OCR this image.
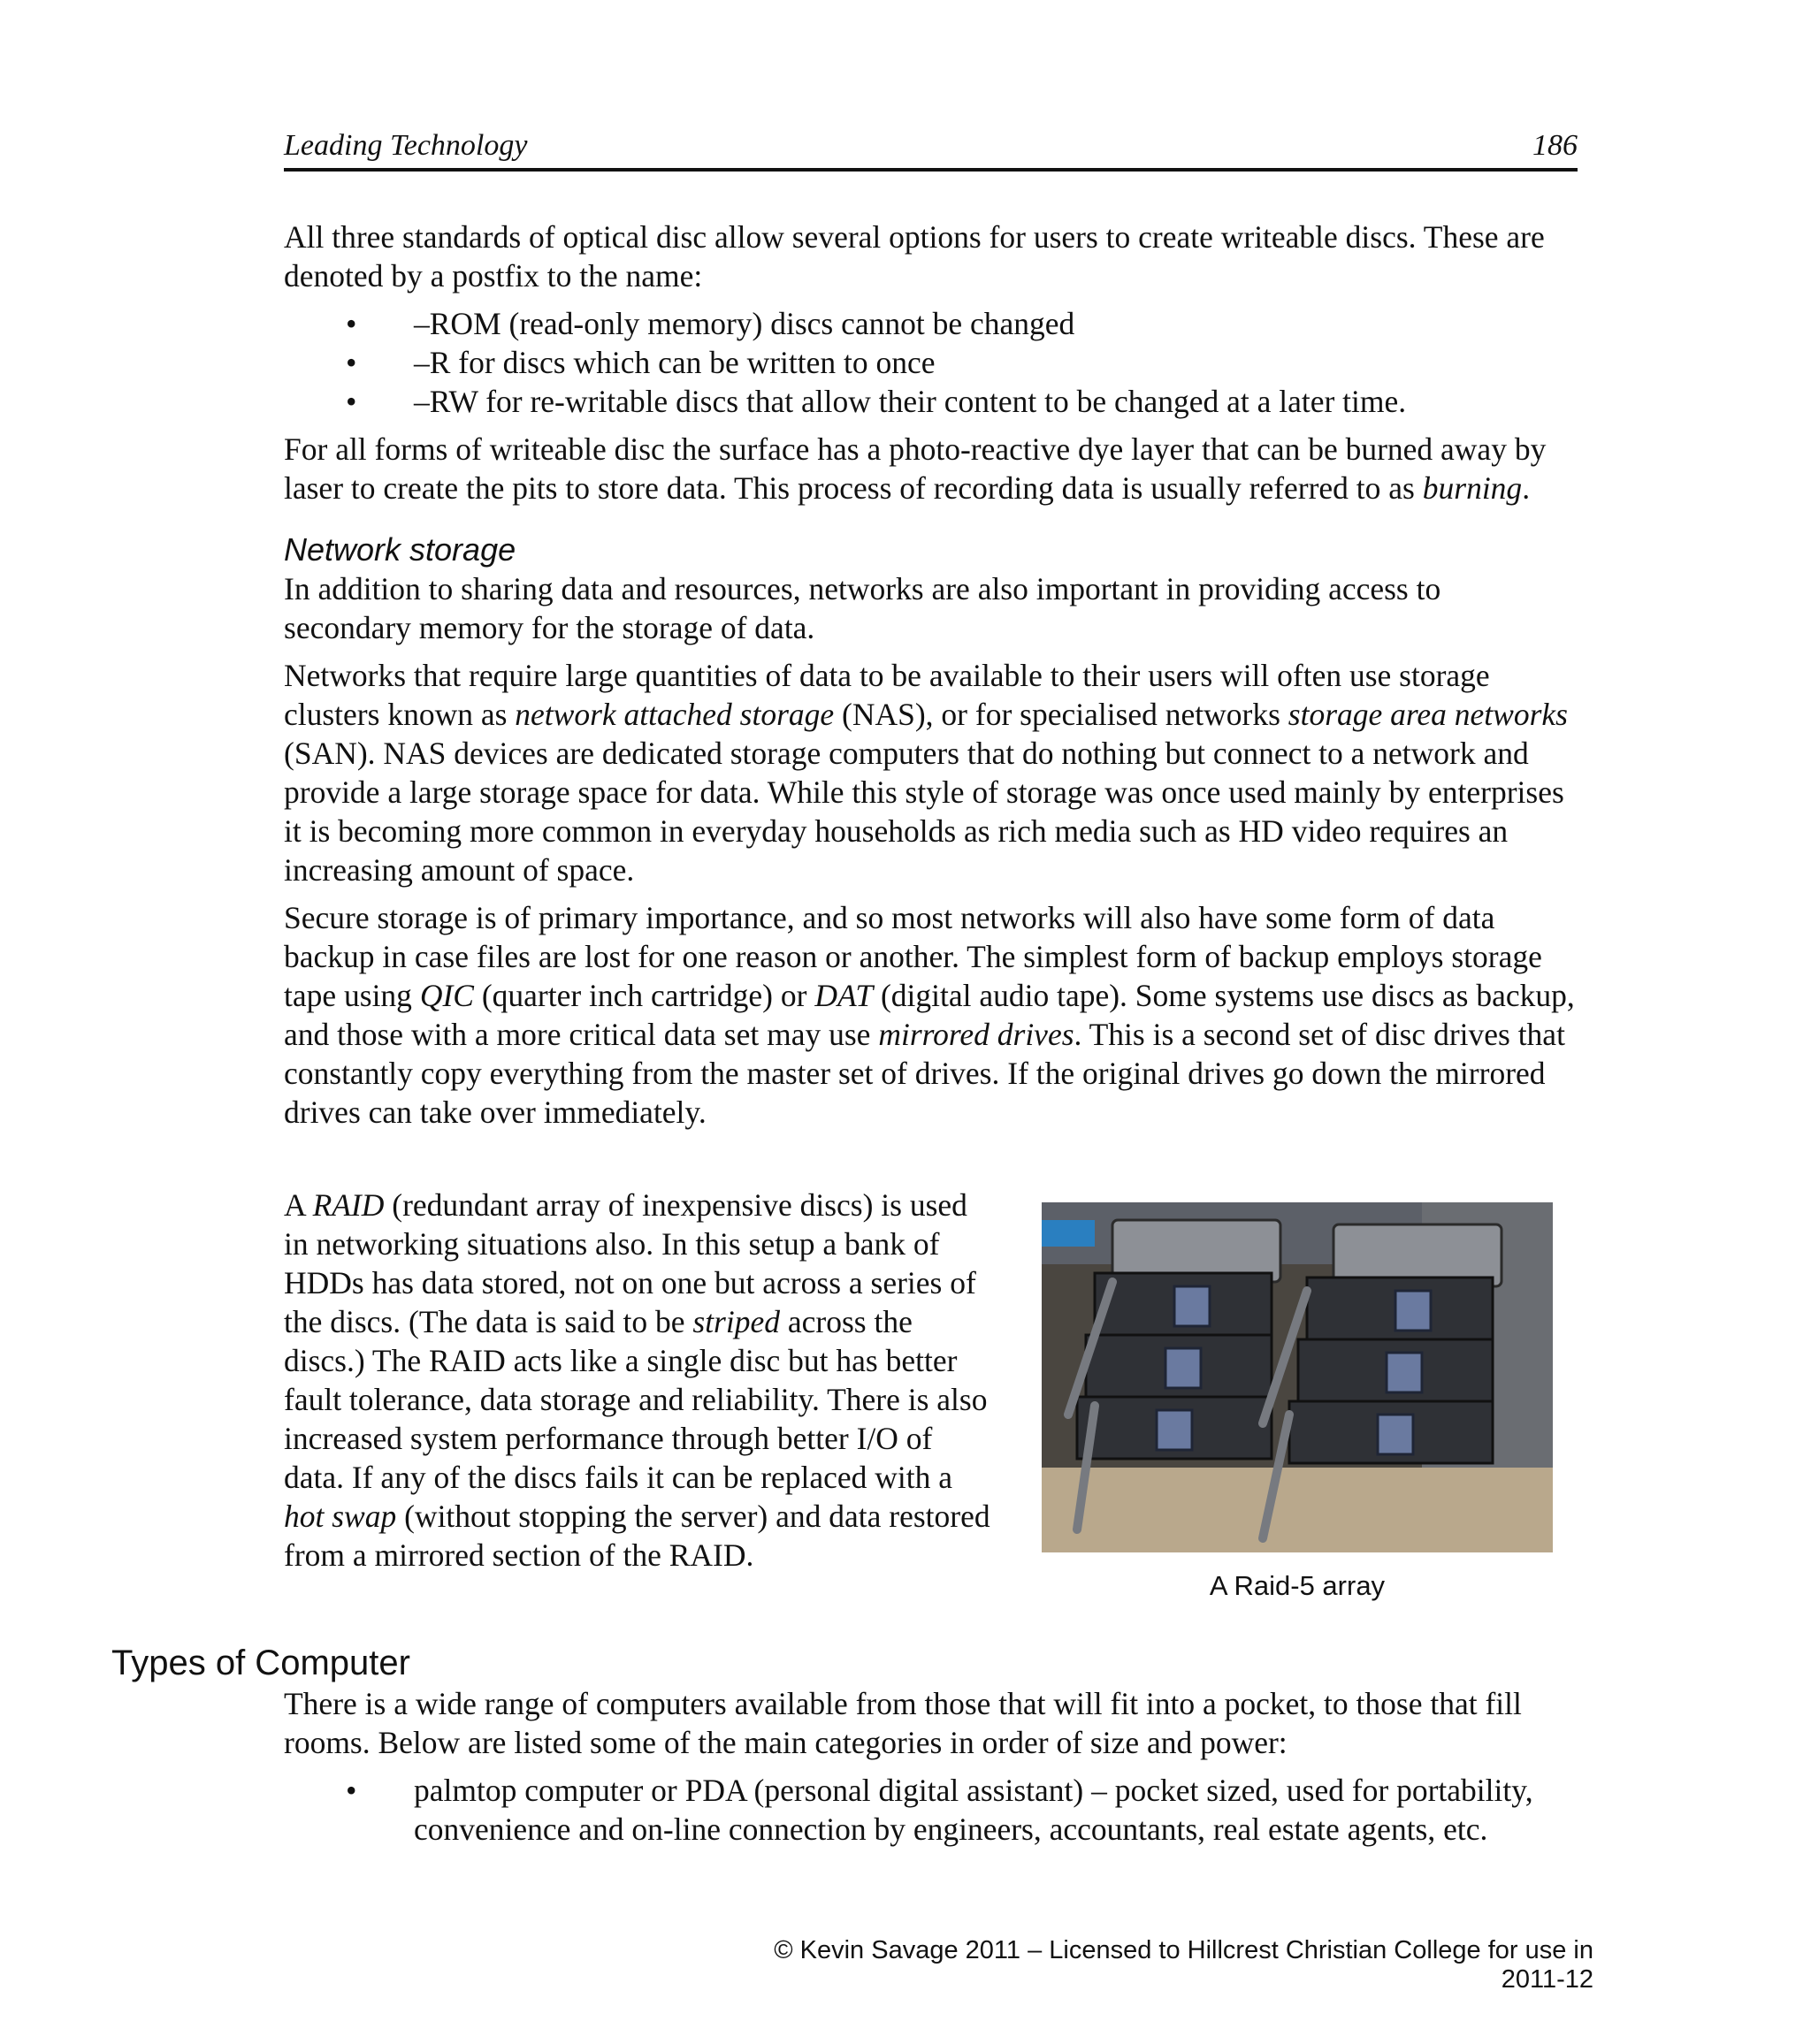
Leading Technology	186

All three standards of optical disc allow several options for users to create writeable discs. These are denoted by a postfix to the name:

• –ROM (read-only memory) discs cannot be changed
• –R for discs which can be written to once
• –RW for re-writable discs that allow their content to be changed at a later time.

For all forms of writeable disc the surface has a photo-reactive dye layer that can be burned away by laser to create the pits to store data. This process of recording data is usually referred to as burning.

Network storage

In addition to sharing data and resources, networks are also important in providing access to secondary memory for the storage of data.

Networks that require large quantities of data to be available to their users will often use storage clusters known as network attached storage (NAS), or for specialised networks storage area networks (SAN). NAS devices are dedicated storage computers that do nothing but connect to a network and provide a large storage space for data. While this style of storage was once used mainly by enterprises it is becoming more common in everyday households as rich media such as HD video requires an increasing amount of space.

Secure storage is of primary importance, and so most networks will also have some form of data backup in case files are lost for one reason or another. The simplest form of backup employs storage tape using QIC (quarter inch cartridge) or DAT (digital audio tape). Some systems use discs as backup, and those with a more critical data set may use mirrored drives. This is a second set of disc drives that constantly copy everything from the master set of drives. If the original drives go down the mirrored drives can take over immediately.

A RAID (redundant array of inexpensive discs) is used in networking situations also. In this setup a bank of HDDs has data stored, not on one but across a series of the discs. (The data is said to be striped across the discs.) The RAID acts like a single disc but has better fault tolerance, data storage and reliability. There is also increased system performance through better I/O of data. If any of the discs fails it can be replaced with a hot swap (without stopping the server) and data restored from a mirrored section of the RAID.

A Raid-5 array
Types of Computer

There is a wide range of computers available from those that will fit into a pocket, to those that fill rooms. Below are listed some of the main categories in order of size and power:

• palmtop computer or PDA (personal digital assistant) – pocket sized, used for portability, convenience and on-line connection by engineers, accountants, real estate agents, etc.
© Kevin Savage 2011 – Licensed to Hillcrest Christian College for use in 2011-12
